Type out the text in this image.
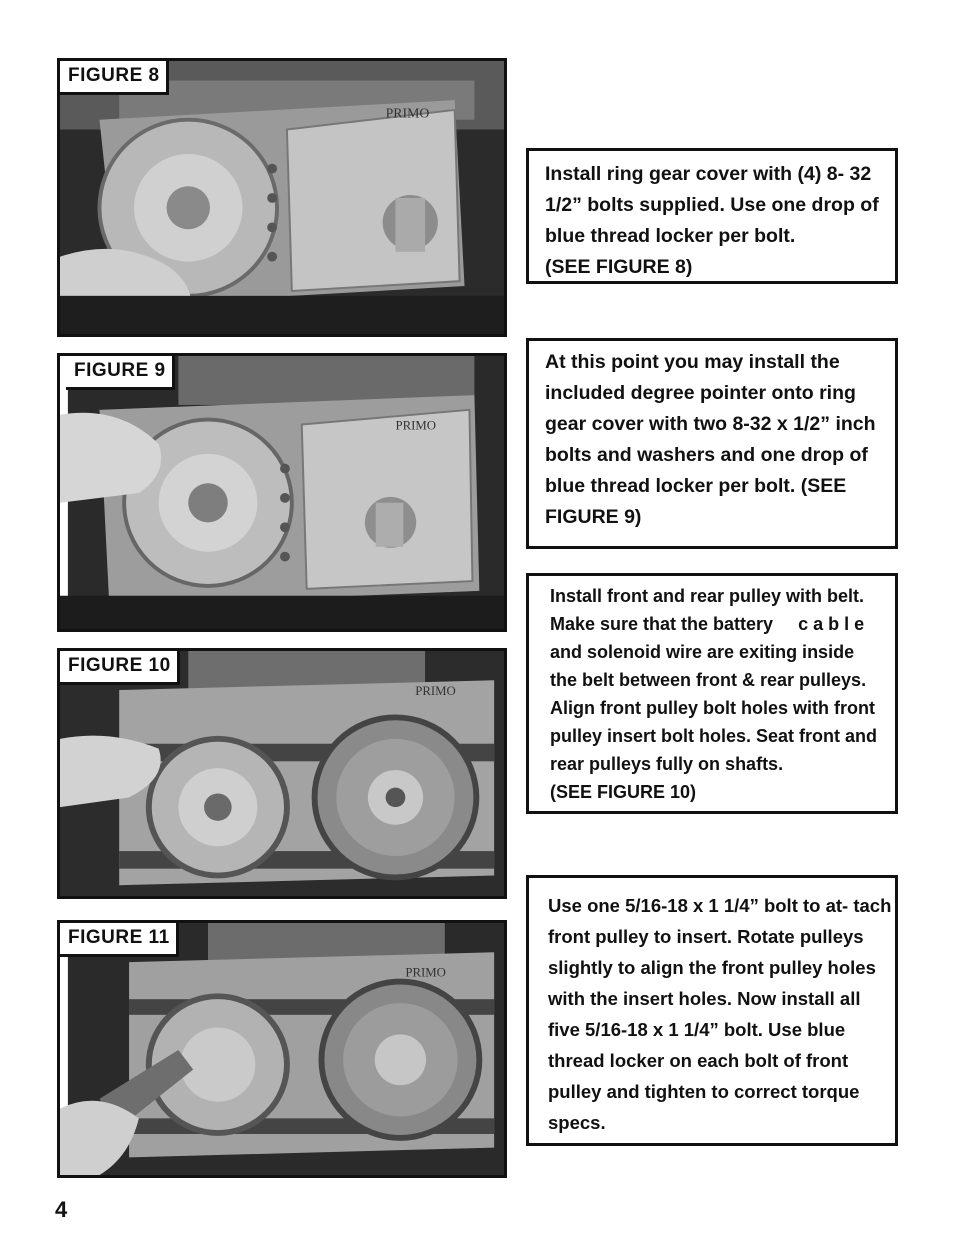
PRIMO
FIGURE 8
PRIMO
FIGURE 9
PRIMO
FIGURE 10
PRIMO
FIGURE 11

Install ring gear cover with (4) 8- 32

1/2” bolts supplied. Use one drop of

blue thread locker per bolt.

(SEE FIGURE 8)

At this point you may install the

included degree pointer onto ring

gear cover with two 8-32 x 1/2” inch

bolts and washers and one drop of

blue thread locker per bolt. (SEE

FIGURE 9)

Install front and rear pulley with belt.

Make sure that the battery     c a b l e

and solenoid wire are exiting inside

the belt between front & rear pulleys.

Align front pulley bolt holes with front

pulley insert bolt holes. Seat front and

rear pulleys fully on shafts.

(SEE FIGURE 10)

Use one 5/16-18 x 1 1/4” bolt to at- tach

front pulley to insert. Rotate pulleys

slightly to align the front pulley holes

with the insert holes. Now install all

five 5/16-18 x 1 1/4” bolt. Use blue

thread locker on each bolt of front

pulley and tighten to correct torque

specs.

4
